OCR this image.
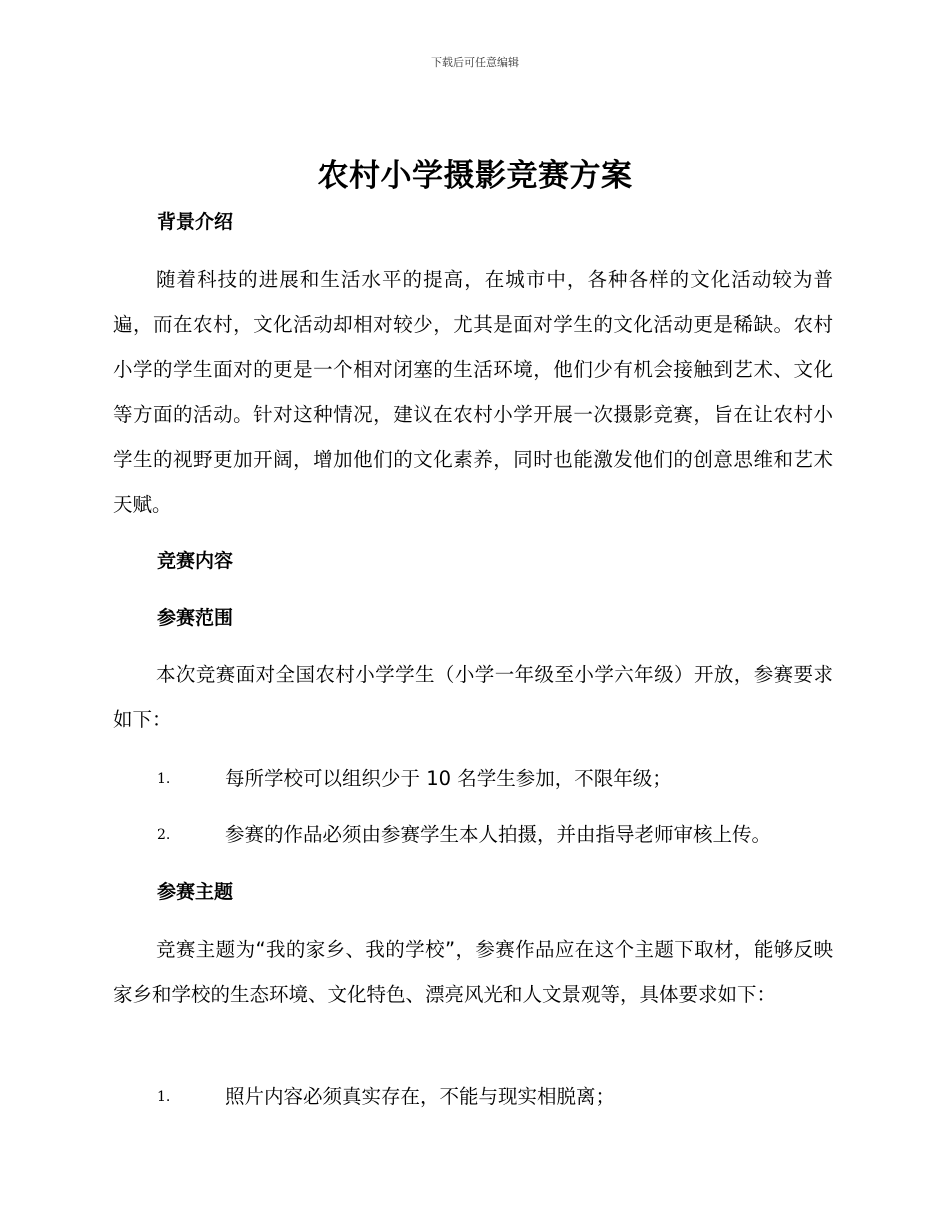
下载后可任意编辑
农村小学摄影竞赛方案
背景介绍
随着科技的进展和生活水平的提高，在城市中，各种各样的文化活动较为普遍，而在农村，文化活动却相对较少，尤其是面对学生的文化活动更是稀缺。农村小学的学生面对的更是一个相对闭塞的生活环境，他们少有机会接触到艺术、文化等方面的活动。针对这种情况，建议在农村小学开展一次摄影竞赛，旨在让农村小学生的视野更加开阔，增加他们的文化素养，同时也能激发他们的创意思维和艺术天赋。
竞赛内容
参赛范围
本次竞赛面对全国农村小学学生（小学一年级至小学六年级）开放，参赛要求如下：
1.	每所学校可以组织少于 10 名学生参加，不限年级；
2.	参赛的作品必须由参赛学生本人拍摄，并由指导老师审核上传。
参赛主题
竞赛主题为“我的家乡、我的学校”，参赛作品应在这个主题下取材，能够反映家乡和学校的生态环境、文化特色、漂亮风光和人文景观等，具体要求如下：
1.	照片内容必须真实存在，不能与现实相脱离；
